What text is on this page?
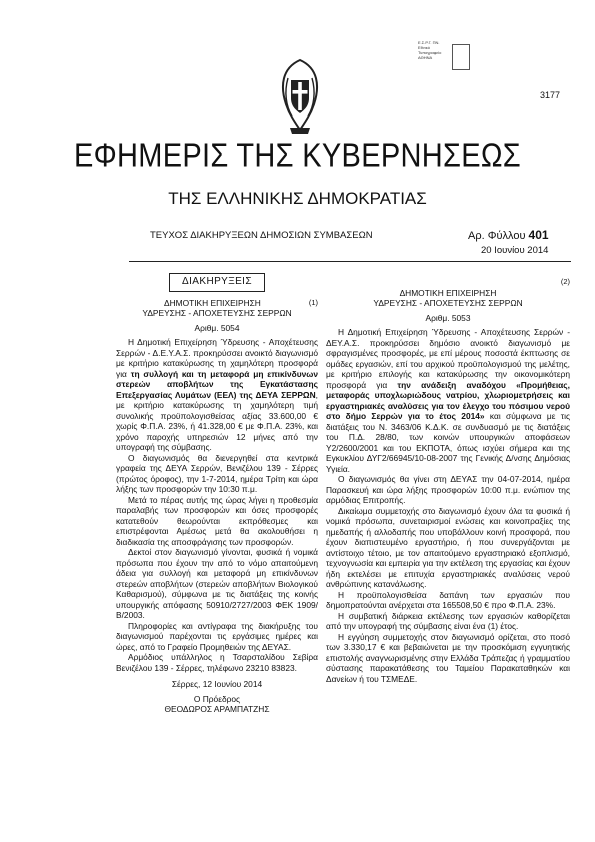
Ε.Σ.Ρ.Γ. ΠΝ.
Εθνικό
Τυπογραφείο
ΑΘΗΝΑ
3177
ΕΦΗΜΕΡΙΣ ΤΗΣ ΚΥΒΕΡΝΗΣΕΩΣ
ΤΗΣ ΕΛΛΗΝΙΚΗΣ ΔΗΜΟΚΡΑΤΙΑΣ
ΤΕΥΧΟΣ ΔΙΑΚΗΡΥΞΕΩΝ ΔΗΜΟΣΙΩΝ ΣΥΜΒΑΣΕΩΝ	Αρ. Φύλλου 401
20 Ιουνίου 2014
ΔΙΑΚΗΡΥΞΕΙΣ
(1)

ΔΗΜΟΤΙΚΗ ΕΠΙΧΕΙΡΗΣΗ

ΥΔΡΕΥΣΗΣ - ΑΠΟΧΕΤΕΥΣΗΣ ΣΕΡΡΩΝ

Αριθμ. 5054

Η Δημοτική Επιχείρηση Ύδρευσης - Αποχέτευσης Σερρών - Δ.Ε.Υ.Α.Σ. προκηρύσσει ανοικτό διαγωνισμό με κριτήριο κατακύρωσης τη χαμηλότερη προσφορά για τη συλλογή και τη μεταφορά μη επικίνδυνων στερεών αποβλήτων της Εγκατάστασης Επεξεργασίας Λυμάτων (ΕΕΛ) της ΔΕΥΑ ΣΕΡΡΩΝ, με κριτήριο κατακύρωσης τη χαμηλότερη τιμή συνολικής προϋπολογισθείσας αξίας 33.600,00 € χωρίς Φ.Π.Α. 23%, ή 41.328,00 € με Φ.Π.Α. 23%, και χρόνο παροχής υπηρεσιών 12 μήνες από την υπογραφή της σύμβασης.

Ο διαγωνισμός θα διενεργηθεί στα κεντρικά γραφεία της ΔΕΥΑ Σερρών, Βενιζέλου 139 - Σέρρες (πρώτος όροφος), την 1-7-2014, ημέρα Τρίτη και ώρα λήξης των προσφορών την 10:30 π.μ.

Μετά το πέρας αυτής της ώρας λήγει η προθεσμία παραλαβής των προσφορών και όσες προσφορές κατατεθούν θεωρούνται εκπρόθεσμες και επιστρέφονται Αμέσως μετά θα ακολουθήσει η διαδικασία της αποσφράγισης των προσφορών.

Δεκτοί στον διαγωνισμό γίνονται, φυσικά ή νομικά πρόσωπα που έχουν την από το νόμο απαιτούμενη άδεια για συλλογή και μεταφορά μη επικίνδυνων στερεών αποβλήτων (στερεών αποβλήτων Βιολογικού Καθαρισμού), σύμφωνα με τις διατάξεις της κοινής υπουργικής απόφασης 50910/2727/2003 ΦΕΚ 1909/Β/2003.

Πληροφορίες και αντίγραφα της διακήρυξης του διαγωνισμού παρέχονται τις εργάσιμες ημέρες και ώρες, από το Γραφείο Προμηθειών της ΔΕΥΑΣ.

Αρμόδιος υπάλληλος η Τσαρσταλίδου Σεβίρα Βενιζέλου 139 - Σέρρες, τηλέφωνο 23210 83823.

Σέρρες, 12 Ιουνίου 2014

Ο Πρόεδρος

ΘΕΟΔΩΡΟΣ ΑΡΑΜΠΑΤΖΗΣ

(2)

ΔΗΜΟΤΙΚΗ ΕΠΙΧΕΙΡΗΣΗ

ΥΔΡΕΥΣΗΣ - ΑΠΟΧΕΤΕΥΣΗΣ ΣΕΡΡΩΝ

Αριθμ. 5053

Η Δημοτική Επιχείρηση Ύδρευσης - Αποχέτευσης Σερρών - ΔΕΥ.Α.Σ. προκηρύσσει δημόσιο ανοικτό διαγωνισμό με σφραγισμένες προσφορές, με επί μέρους ποσοστά έκπτωσης σε ομάδες εργασιών, επί του αρχικού προϋπολογισμού της μελέτης, με κριτήριο επιλογής και κατακύρωσης την οικονομικότερη προσφορά για την ανάδειξη αναδόχου «Προμήθειας, μεταφοράς υποχλωριώδους νατρίου, χλωριομετρήσεις και εργαστηριακές αναλύσεις για τον έλεγχο του πόσιμου νερού στο δήμο Σερρών για το έτος 2014» και σύμφωνα με τις διατάξεις του Ν. 3463/06 Κ.Δ.Κ. σε συνδυασμό με τις διατάξεις του Π.Δ. 28/80, των κοινών υπουργικών αποφάσεων Υ2/2600/2001 και του ΕΚΠΟΤΑ, όπως ισχύει σήμερα και της Εγκυκλίου ΔΥΓ2/66945/10-08-2007 της Γενικής Δ/νσης Δημόσιας Υγιεία.

Ο διαγωνισμός θα γίνει στη ΔΕΥΑΣ την 04-07-2014, ημέρα Παρασκευή και ώρα λήξης προσφορών 10:00 π.μ. ενώπιον της αρμόδιας Επιτροπής.

Δικαίωμα συμμετοχής στο διαγωνισμό έχουν όλα τα φυσικά ή νομικά πρόσωπα, συνεταιρισμοί ενώσεις και κοινοπραξίες της ημεδαπής ή αλλοδαπής που υποβάλλουν κοινή προσφορά, που έχουν διαπιστευμένο εργαστήριο, ή που συνεργάζονται με αντίστοιχο τέτοιο, με τον απαιτούμενο εργαστηριακό εξοπλισμό, τεχνογνωσία και εμπειρία για την εκτέλεση της εργασίας και έχουν ήδη εκτελέσει με επιτυχία εργαστηριακές αναλύσεις νερού ανθρώπινης κατανάλωσης.

Η προϋπολογισθείσα δαπάνη των εργασιών που δημοπρατούνται ανέρχεται στα 165508,50 € προ Φ.Π.Α. 23%.

Η συμβατική διάρκεια εκτέλεσης των εργασιών καθορίζεται από την υπογραφή της σύμβασης είναι ένα (1) έτος.

Η εγγύηση συμμετοχής στον διαγωνισμό ορίζεται, στο ποσό των 3.330,17 € και βεβαιώνεται με την προσκόμιση εγγυητικής επιστολής αναγνωρισμένης στην Ελλάδα Τράπεζας ή γραμματίου σύστασης παρακατάθεσης του Ταμείου Παρακαταθηκών και Δανείων ή του ΤΣΜΕΔΕ.
